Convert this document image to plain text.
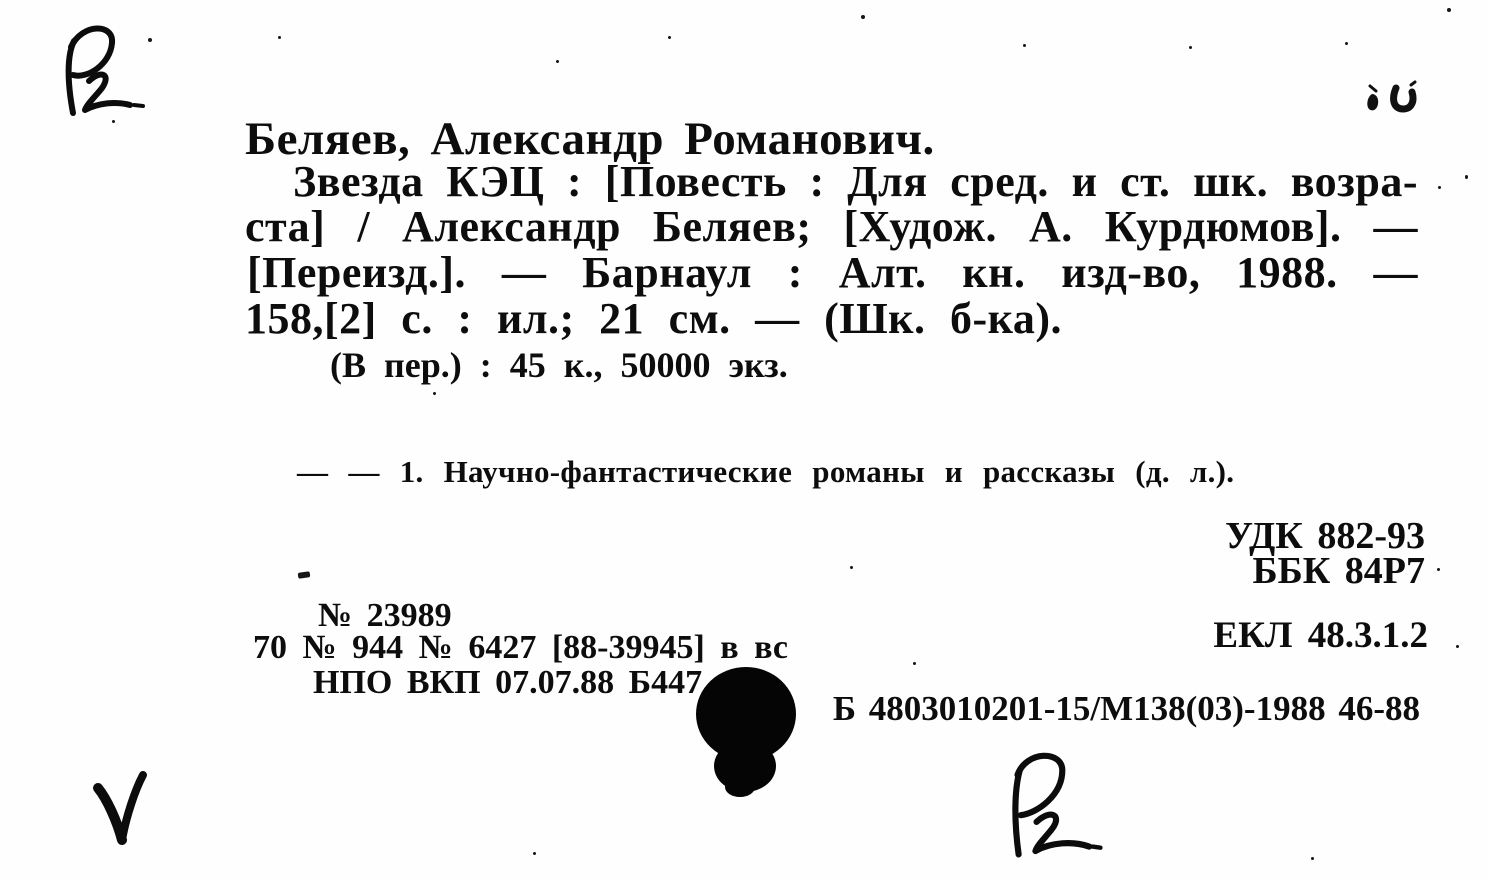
Беляев, Александр Романович.
Звезда КЭЦ : [Повесть : Для сред. и ст. шк. возра-
ста] / Александр Беляев; [Худож. А. Курдюмов]. —
[Переизд.]. — Барнаул : Алт. кн. изд-во, 1988. —
158,[2] с. : ил.; 21 см. — (Шк. б-ка).
(В пер.) : 45 к., 50000 экз.
— — 1. Научно-фантастические романы и рассказы (д. л.).
УДК 882-93
ББК 84Р7
№ 23989
70 № 944 № 6427 [88-39945] в вс
НПО ВКП 07.07.88 Б447
ЕКЛ 48.3.1.2
Б 4803010201-15/М138(03)-1988 46-88
